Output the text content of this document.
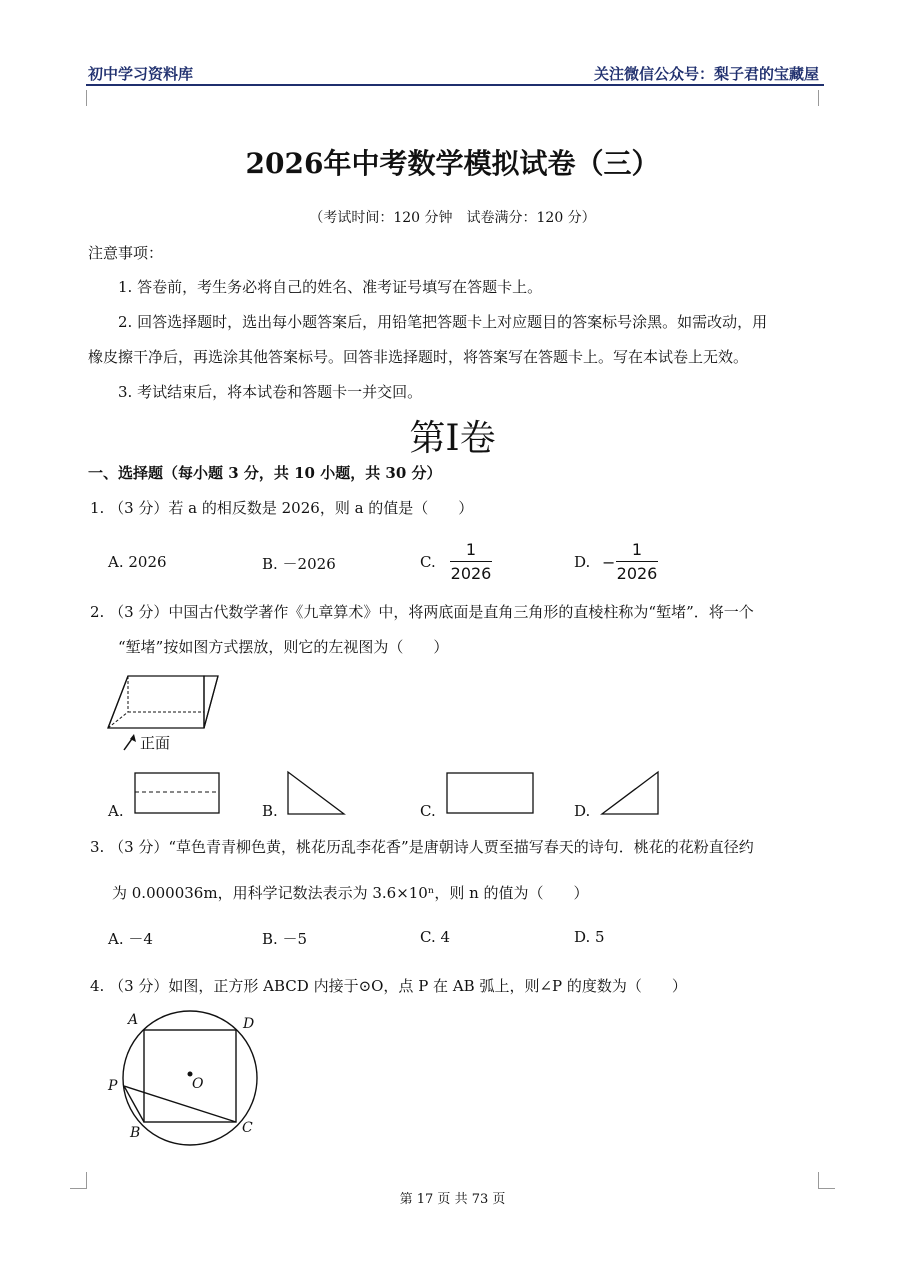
初中学习资料库	关注微信公众号：梨子君的宝藏屋
2026年中考数学模拟试卷（三）
（考试时间：120 分钟　试卷满分：120 分）
注意事项：
1. 答卷前，考生务必将自己的姓名、准考证号填写在答题卡上。
2. 回答选择题时，选出每小题答案后，用铅笔把答题卡上对应题目的答案标号涂黑。如需改动，用
橡皮擦干净后，再选涂其他答案标号。回答非选择题时，将答案写在答题卡上。写在本试卷上无效。
3. 考试结束后，将本试卷和答题卡一并交回。
第Ⅰ卷
一、选择题（每小题 3 分，共 10 小题，共 30 分）
1. （3 分）若 a 的相反数是 2026，则 a 的值是（　　）
A. 2026	B. －2026	C.
1
2026
D. −
1
2026
2. （3 分）中国古代数学著作《九章算术》中，将两底面是直角三角形的直棱柱称为“堑堵”．将一个
“堑堵”按如图方式摆放，则它的左视图为（　　）
正面
A.	B.	C.	D.
3. （3 分）“草色青青柳色黄，桃花历乱李花香”是唐朝诗人贾至描写春天的诗句．桃花的花粉直径约
为 0.000036m，用科学记数法表示为 3.6×10ⁿ，则 n 的值为（　　）
A. －4	B. －5	C. 4	D. 5
4. （3 分）如图，正方形 ABCD 内接于⊙O，点 P 在 AB 弧上，则∠P 的度数为（　　）
A	D
O
P
B	C
第 17 页 共 73 页
